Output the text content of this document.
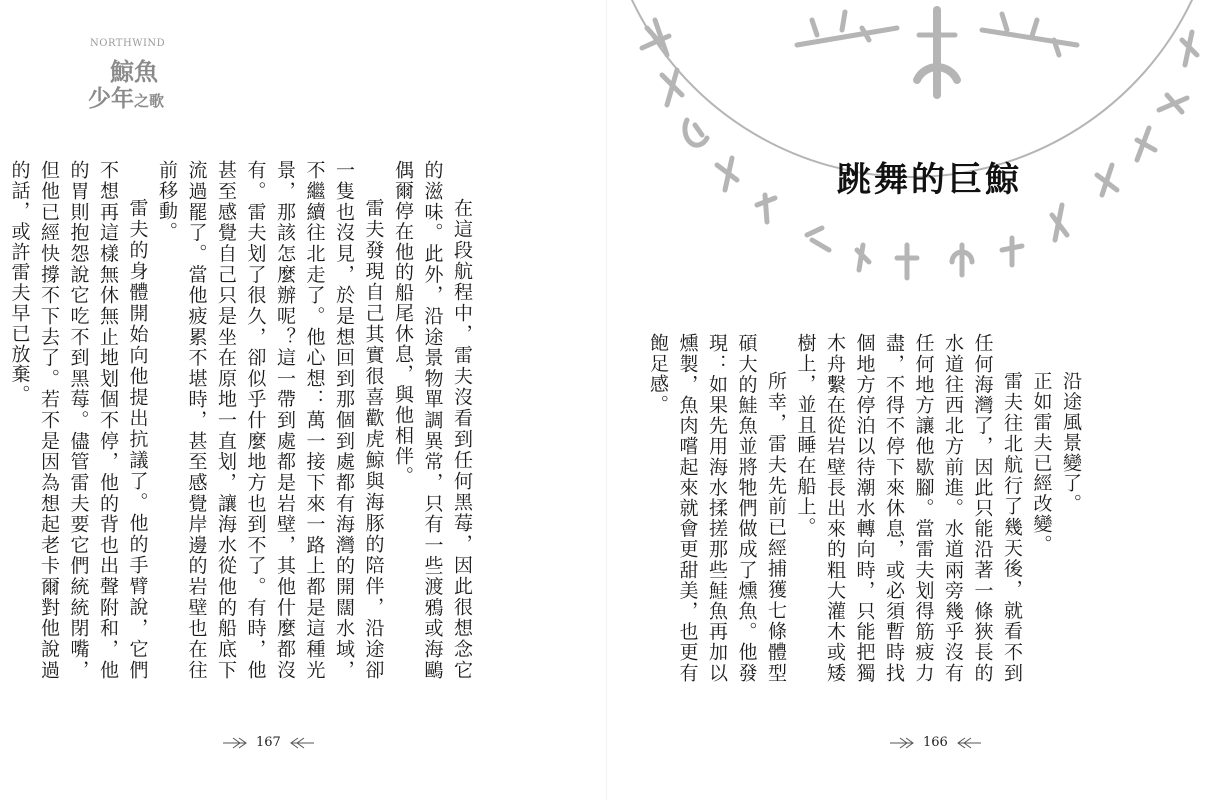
NORTHWIND
鯨魚
少年之歌

在這段航程中，雷夫沒看到任何黑莓，因此很想念它的滋味。此外，沿途景物單調異常，只有一些渡鴉或海鷗偶爾停在他的船尾休息，與他相伴。

雷夫發現自己其實很喜歡虎鯨與海豚的陪伴，沿途卻一隻也沒見，於是想回到那個到處都有海灣的開闊水域，不繼續往北走了。他心想：萬一接下來一路上都是這種光景，那該怎麼辦呢？這一帶到處都是岩壁，其他什麼都沒有。雷夫划了很久，卻似乎什麼地方也到不了。有時，他甚至感覺自己只是坐在原地一直划，讓海水從他的船底下流過罷了。當他疲累不堪時，甚至感覺岸邊的岩壁也在往前移動。

雷夫的身體開始向他提出抗議了。他的手臂說，它們不想再這樣無休無止地划個不停，他的背也出聲附和，他的胃則抱怨說它吃不到黑莓。儘管雷夫要它們統統閉嘴，但他已經快撐不下去了。若不是因為想起老卡爾對他說過的話，或許雷夫早已放棄。

167
跳舞的巨鯨

沿途風景變了。

正如雷夫已經改變。

雷夫往北航行了幾天後，就看不到任何海灣了，因此只能沿著一條狹長的水道往西北方前進。水道兩旁幾乎沒有任何地方讓他歇腳。當雷夫划得筋疲力盡，不得不停下來休息，或必須暫時找個地方停泊以待潮水轉向時，只能把獨木舟繫在從岩壁長出來的粗大灌木或矮樹上，並且睡在船上。

所幸，雷夫先前已經捕獲七條體型碩大的鮭魚並將牠們做成了燻魚。他發現：如果先用海水揉搓那些鮭魚再加以燻製，魚肉嚐起來就會更甜美，也更有飽足感。

166
